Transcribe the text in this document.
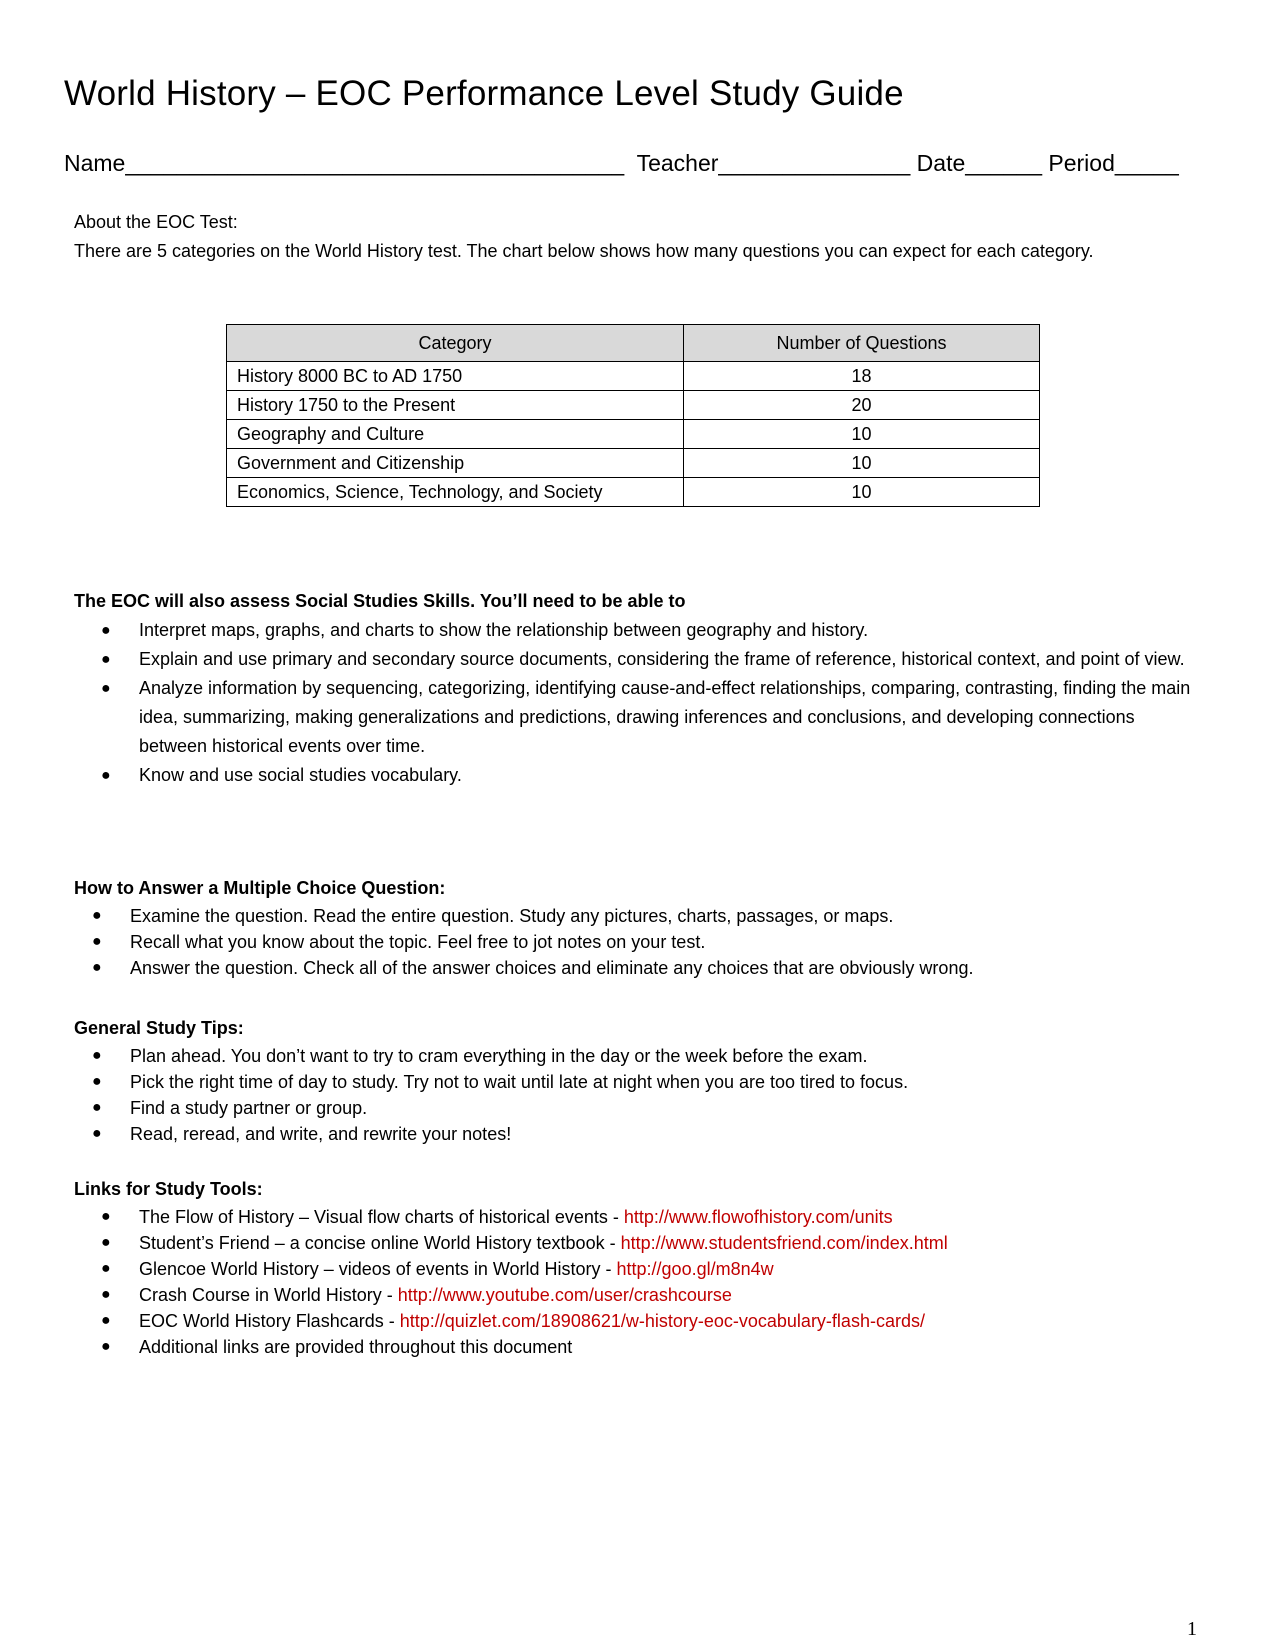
World History – EOC Performance Level Study Guide
Name_______________________________________  Teacher_______________ Date______ Period_____

About the EOC Test:

There are 5 categories on the World History test. The chart below shows how many questions you can expect for each category.

Category	Number of Questions
History 8000 BC to AD 1750	18
History 1750 to the Present	20
Geography and Culture	10
Government and Citizenship	10
Economics, Science, Technology, and Society	10

The EOC will also assess Social Studies Skills. You’ll need to be able to

● Interpret maps, graphs, and charts to show the relationship between geography and history.
● Explain and use primary and secondary source documents, considering the frame of reference, historical context, and point of view.
● Analyze information by sequencing, categorizing, identifying cause-and-effect relationships, comparing, contrasting, finding the main idea, summarizing, making generalizations and predictions, drawing inferences and conclusions, and developing connections between historical events over time.
● Know and use social studies vocabulary.

How to Answer a Multiple Choice Question:

● Examine the question. Read the entire question. Study any pictures, charts, passages, or maps.
● Recall what you know about the topic. Feel free to jot notes on your test.
● Answer the question. Check all of the answer choices and eliminate any choices that are obviously wrong.

General Study Tips:

● Plan ahead. You don’t want to try to cram everything in the day or the week before the exam.
● Pick the right time of day to study. Try not to wait until late at night when you are too tired to focus.
● Find a study partner or group.
● Read, reread, and write, and rewrite your notes!

Links for Study Tools:

● The Flow of History – Visual flow charts of historical events - http://www.flowofhistory.com/units
● Student’s Friend – a concise online World History textbook - http://www.studentsfriend.com/index.html
● Glencoe World History – videos of events in World History - http://goo.gl/m8n4w
● Crash Course in World History - http://www.youtube.com/user/crashcourse
● EOC World History Flashcards - http://quizlet.com/18908621/w-history-eoc-vocabulary-flash-cards/
● Additional links are provided throughout this document
1
